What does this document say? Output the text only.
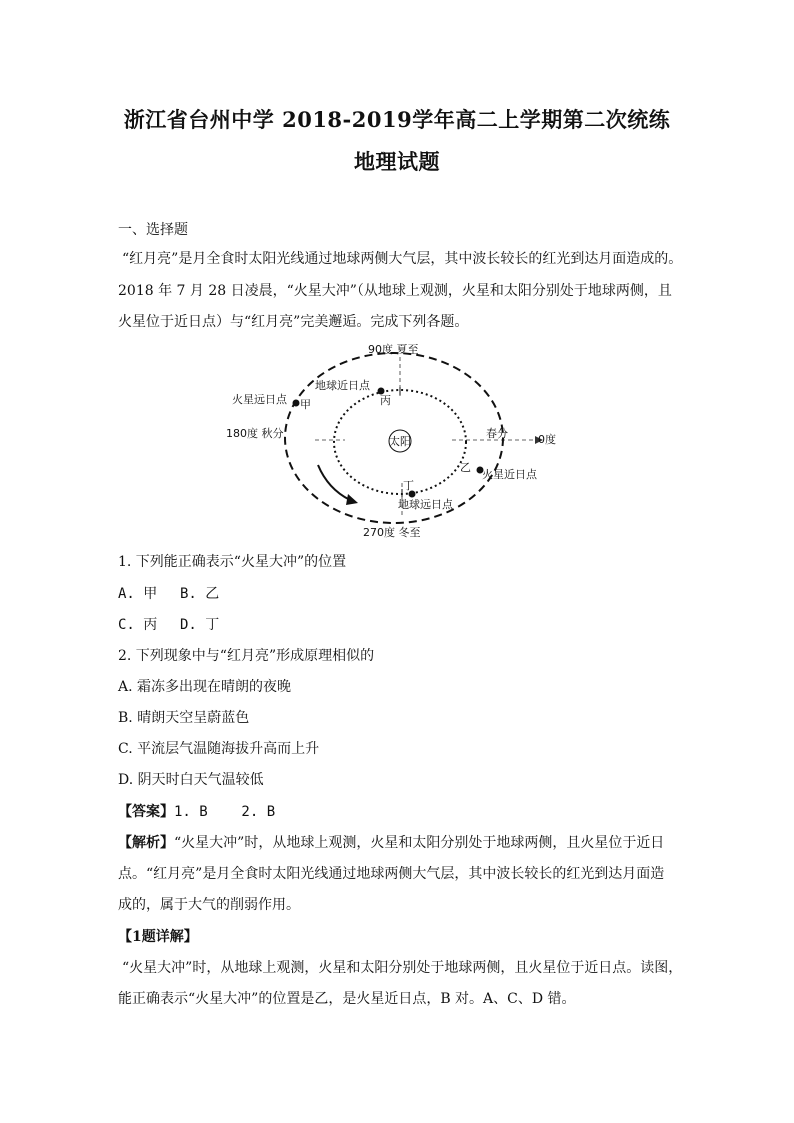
浙江省台州中学 2018-2019学年高二上学期第二次统练
地理试题
一、选择题
“红月亮”是月全食时太阳光线通过地球两侧大气层，其中波长较长的红光到达月面造成的。
2018 年 7 月 28 日凌晨，“火星大冲”（从地球上观测，火星和太阳分别处于地球两侧，且
火星位于近日点）与“红月亮”完美邂逅。完成下列各题。
太阳
90度 夏至
地球近日点
火星远日点 甲	丙
180度 秋分	春分	0度
乙
火星近日点
丁
地球远日点
270度 冬至
1. 下列能正确表示“火星大冲”的位置
A. 甲 B. 乙
C. 丙 D. 丁
2. 下列现象中与“红月亮”形成原理相似的
A. 霜冻多出现在晴朗的夜晚
B. 晴朗天空呈蔚蓝色
C. 平流层气温随海拔升高而上升
D. 阴天时白天气温较低
【答案】1. B    2. B
【解析】“火星大冲”时，从地球上观测，火星和太阳分别处于地球两侧，且火星位于近日
点。“红月亮”是月全食时太阳光线通过地球两侧大气层，其中波长较长的红光到达月面造
成的，属于大气的削弱作用。
【1题详解】
“火星大冲”时，从地球上观测，火星和太阳分别处于地球两侧，且火星位于近日点。读图，
能正确表示“火星大冲”的位置是乙，是火星近日点，B 对。A、C、D 错。
